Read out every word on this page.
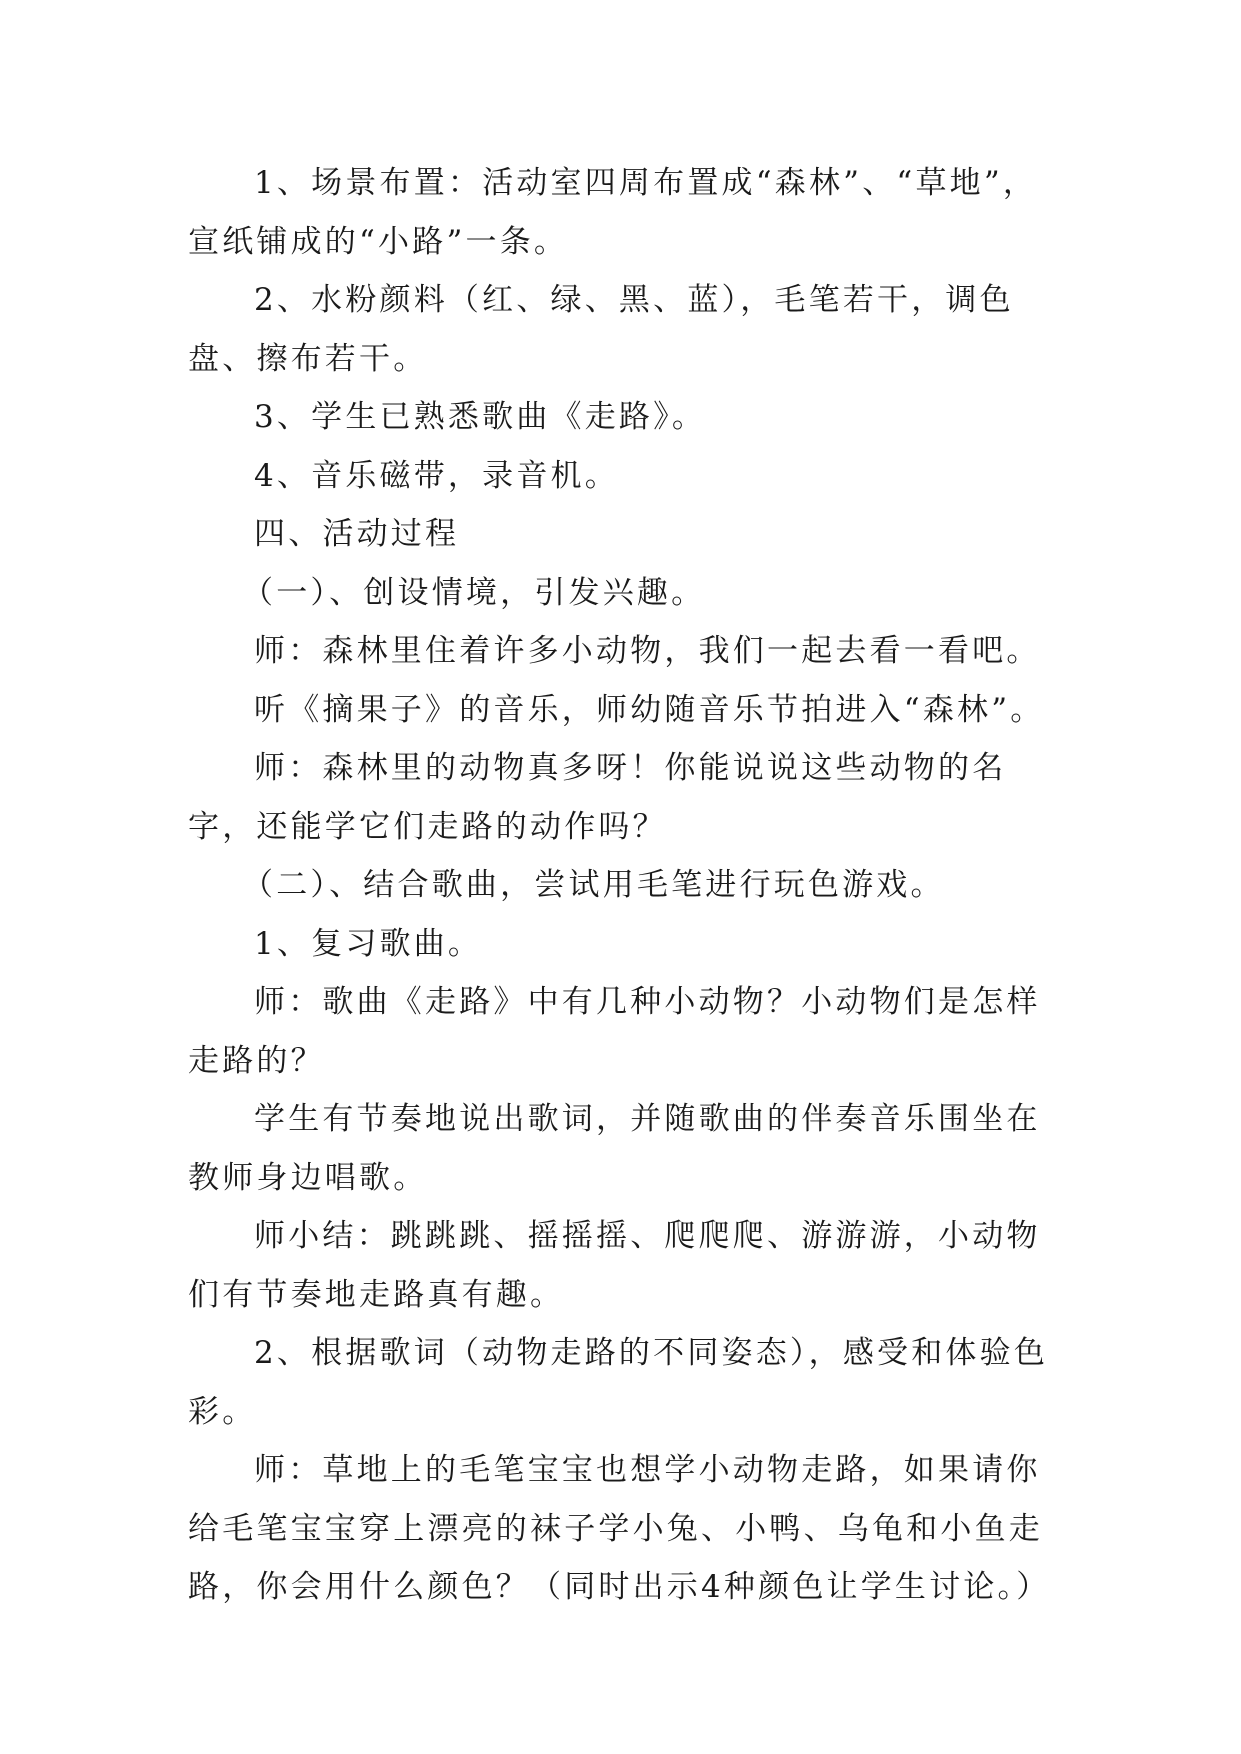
1、场景布置：活动室四周布置成“森林”、“草地”，宣纸铺成的“小路”一条。

2、水粉颜料（红、绿、黑、蓝），毛笔若干，调色盘、擦布若干。

3、学生已熟悉歌曲《走路》。

4、音乐磁带，录音机。

四、活动过程

（一）、创设情境，引发兴趣。

师：森林里住着许多小动物，我们一起去看一看吧。

听《摘果子》的音乐，师幼随音乐节拍进入“森林”。

师：森林里的动物真多呀！你能说说这些动物的名字，还能学它们走路的动作吗？

（二）、结合歌曲，尝试用毛笔进行玩色游戏。

1、复习歌曲。

师：歌曲《走路》中有几种小动物？小动物们是怎样走路的？

学生有节奏地说出歌词，并随歌曲的伴奏音乐围坐在教师身边唱歌。

师小结：跳跳跳、摇摇摇、爬爬爬、游游游，小动物们有节奏地走路真有趣。

2、根据歌词（动物走路的不同姿态），感受和体验色彩。

师：草地上的毛笔宝宝也想学小动物走路，如果请你给毛笔宝宝穿上漂亮的袜子学小兔、小鸭、乌龟和小鱼走路，你会用什么颜色？（同时出示4种颜色让学生讨论。）
